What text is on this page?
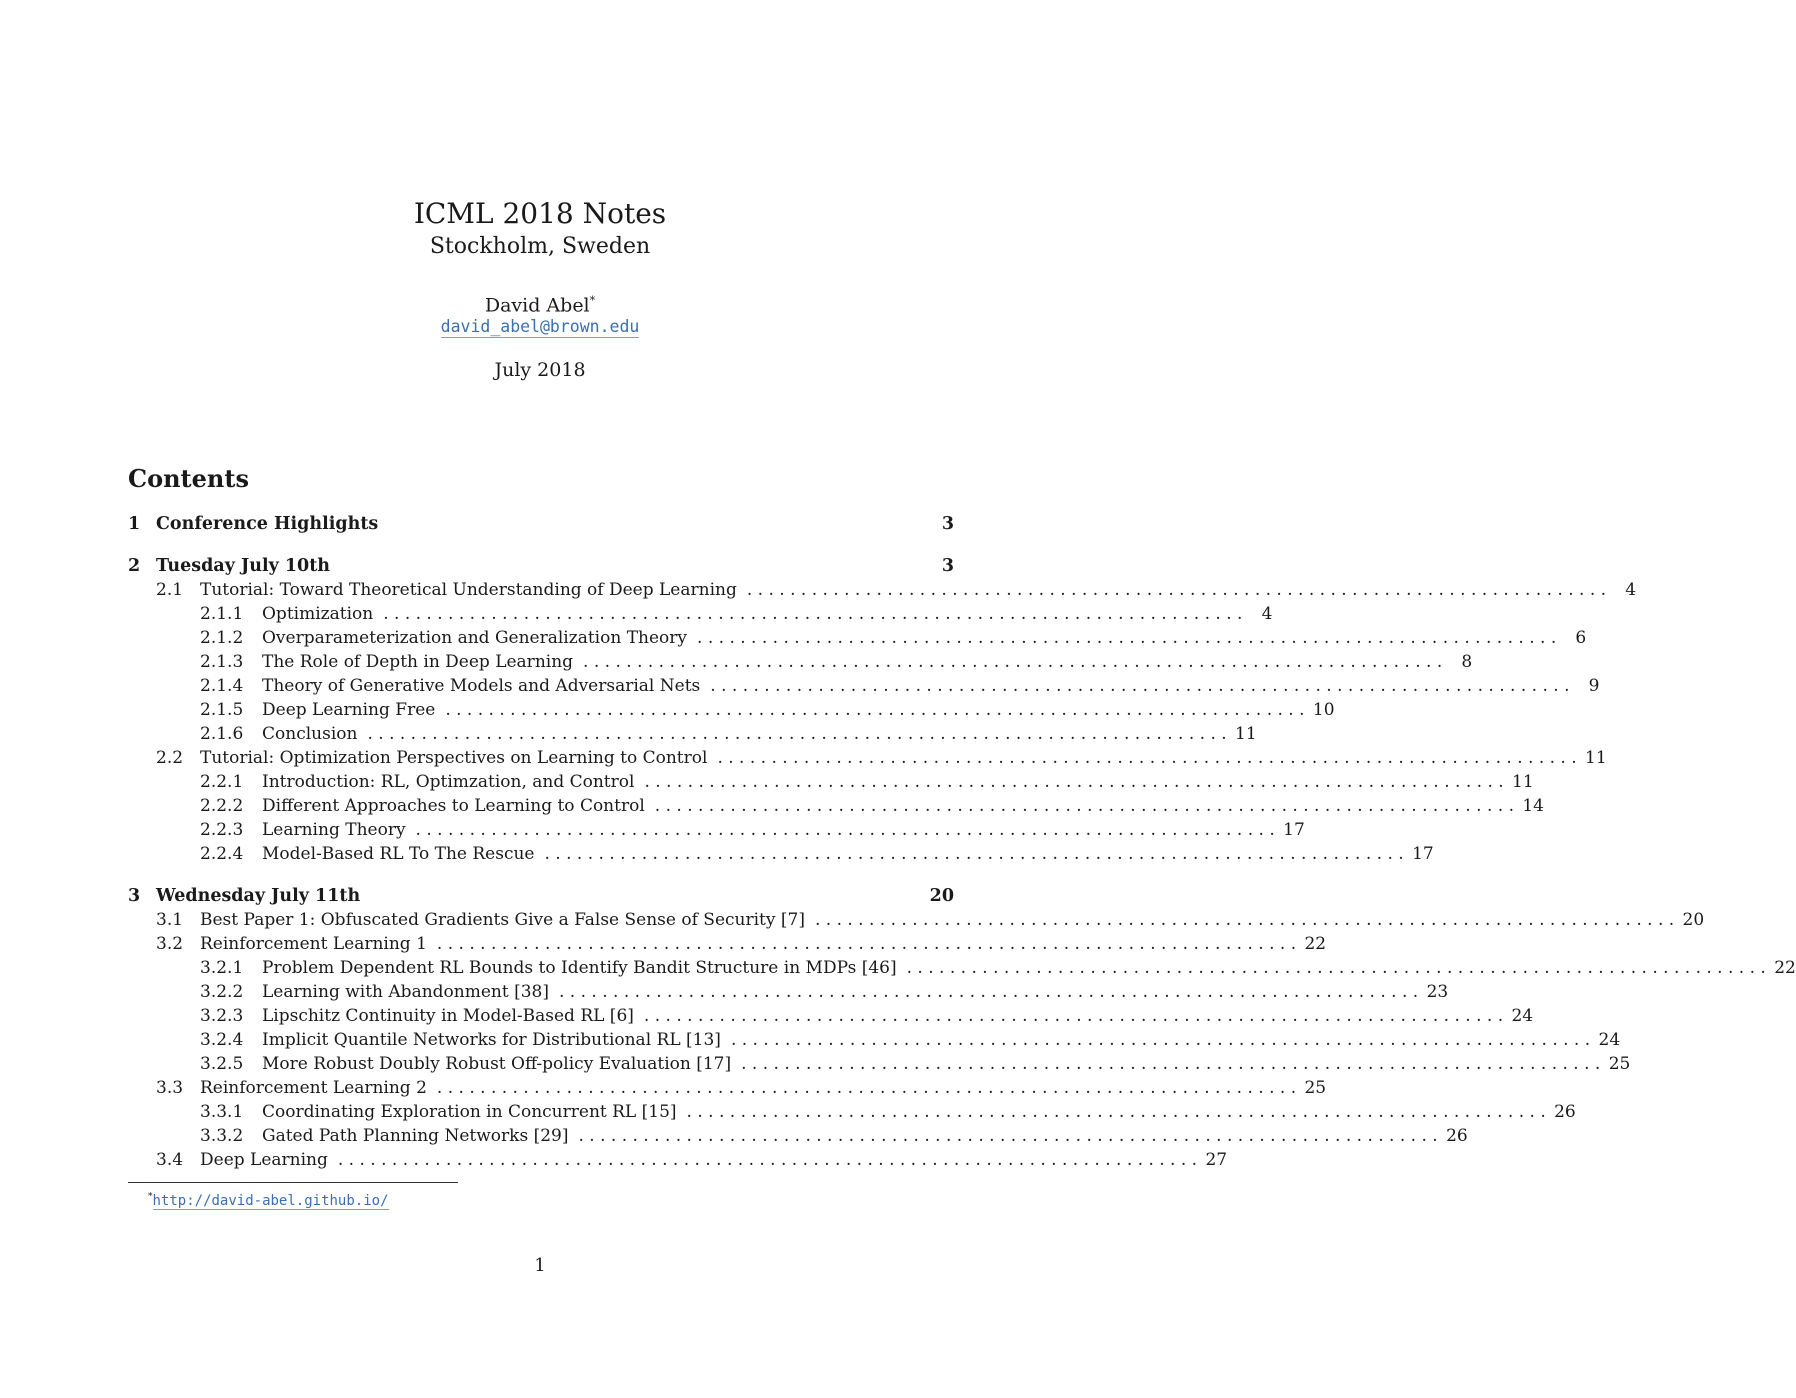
ICML 2018 Notes
Stockholm, Sweden
David Abel*
david_abel@brown.edu
July 2018
Contents
1 Conference Highlights	3
2 Tuesday July 10th	3
2.1 Tutorial: Toward Theoretical Understanding of Deep Learning . . . . . . . . . . . . . . . . . . . . . . . . . . . . . . . . . . . . . . . . . . . . . . . . . . . . . . . . . . . . . . . . . . . . . . . . . . . . . . . .	4
2.1.1	Optimization . . . . . . . . . . . . . . . . . . . . . . . . . . . . . . . . . . . . . . . . . . . . . . . . . . . . . . . . . . . . . . . . . . . . . . . . . . . . . . . .	4
2.1.2	Overparameterization and Generalization Theory . . . . . . . . . . . . . . . . . . . . . . . . . . . . . . . . . . . . . . . . . . . . . . . . . . . . . . . . . . . . . . . . . . . . . . . . . . . . . . . .	6
2.1.3	The Role of Depth in Deep Learning . . . . . . . . . . . . . . . . . . . . . . . . . . . . . . . . . . . . . . . . . . . . . . . . . . . . . . . . . . . . . . . . . . . . . . . . . . . . . . . .	8
2.1.4	Theory of Generative Models and Adversarial Nets . . . . . . . . . . . . . . . . . . . . . . . . . . . . . . . . . . . . . . . . . . . . . . . . . . . . . . . . . . . . . . . . . . . . . . . . . . . . . . . .	9
2.1.5	Deep Learning Free . . . . . . . . . . . . . . . . . . . . . . . . . . . . . . . . . . . . . . . . . . . . . . . . . . . . . . . . . . . . . . . . . . . . . . . . . . . . . . . . 10
2.1.6	Conclusion . . . . . . . . . . . . . . . . . . . . . . . . . . . . . . . . . . . . . . . . . . . . . . . . . . . . . . . . . . . . . . . . . . . . . . . . . . . . . . . . 11
2.2 Tutorial: Optimization Perspectives on Learning to Control . . . . . . . . . . . . . . . . . . . . . . . . . . . . . . . . . . . . . . . . . . . . . . . . . . . . . . . . . . . . . . . . . . . . . . . . . . . . . . . . 11
2.2.1	Introduction: RL, Optimzation, and Control . . . . . . . . . . . . . . . . . . . . . . . . . . . . . . . . . . . . . . . . . . . . . . . . . . . . . . . . . . . . . . . . . . . . . . . . . . . . . . . . 11
2.2.2	Different Approaches to Learning to Control . . . . . . . . . . . . . . . . . . . . . . . . . . . . . . . . . . . . . . . . . . . . . . . . . . . . . . . . . . . . . . . . . . . . . . . . . . . . . . . . 14
2.2.3	Learning Theory . . . . . . . . . . . . . . . . . . . . . . . . . . . . . . . . . . . . . . . . . . . . . . . . . . . . . . . . . . . . . . . . . . . . . . . . . . . . . . . . 17
2.2.4	Model-Based RL To The Rescue . . . . . . . . . . . . . . . . . . . . . . . . . . . . . . . . . . . . . . . . . . . . . . . . . . . . . . . . . . . . . . . . . . . . . . . . . . . . . . . . 17
3 Wednesday July 11th	20
3.1 Best Paper 1: Obfuscated Gradients Give a False Sense of Security [7] . . . . . . . . . . . . . . . . . . . . . . . . . . . . . . . . . . . . . . . . . . . . . . . . . . . . . . . . . . . . . . . . . . . . . . . . . . . . . . . . 20
3.2 Reinforcement Learning 1 . . . . . . . . . . . . . . . . . . . . . . . . . . . . . . . . . . . . . . . . . . . . . . . . . . . . . . . . . . . . . . . . . . . . . . . . . . . . . . . . 22
3.2.1	Problem Dependent RL Bounds to Identify Bandit Structure in MDPs [46] . . . . . . . . . . . . . . . . . . . . . . . . . . . . . . . . . . . . . . . . . . . . . . . . . . . . . . . . . . . . . . . . . . . . . . . . . . . . . . . . 22
3.2.2	Learning with Abandonment [38] . . . . . . . . . . . . . . . . . . . . . . . . . . . . . . . . . . . . . . . . . . . . . . . . . . . . . . . . . . . . . . . . . . . . . . . . . . . . . . . . 23
3.2.3	Lipschitz Continuity in Model-Based RL [6] . . . . . . . . . . . . . . . . . . . . . . . . . . . . . . . . . . . . . . . . . . . . . . . . . . . . . . . . . . . . . . . . . . . . . . . . . . . . . . . . 24
3.2.4	Implicit Quantile Networks for Distributional RL [13] . . . . . . . . . . . . . . . . . . . . . . . . . . . . . . . . . . . . . . . . . . . . . . . . . . . . . . . . . . . . . . . . . . . . . . . . . . . . . . . . 24
3.2.5	More Robust Doubly Robust Off-policy Evaluation [17] . . . . . . . . . . . . . . . . . . . . . . . . . . . . . . . . . . . . . . . . . . . . . . . . . . . . . . . . . . . . . . . . . . . . . . . . . . . . . . . . 25
3.3 Reinforcement Learning 2 . . . . . . . . . . . . . . . . . . . . . . . . . . . . . . . . . . . . . . . . . . . . . . . . . . . . . . . . . . . . . . . . . . . . . . . . . . . . . . . . 25
3.3.1	Coordinating Exploration in Concurrent RL [15] . . . . . . . . . . . . . . . . . . . . . . . . . . . . . . . . . . . . . . . . . . . . . . . . . . . . . . . . . . . . . . . . . . . . . . . . . . . . . . . . 26
3.3.2	Gated Path Planning Networks [29] . . . . . . . . . . . . . . . . . . . . . . . . . . . . . . . . . . . . . . . . . . . . . . . . . . . . . . . . . . . . . . . . . . . . . . . . . . . . . . . . 26
3.4 Deep Learning . . . . . . . . . . . . . . . . . . . . . . . . . . . . . . . . . . . . . . . . . . . . . . . . . . . . . . . . . . . . . . . . . . . . . . . . . . . . . . . . 27
*http://david-abel.github.io/
1
